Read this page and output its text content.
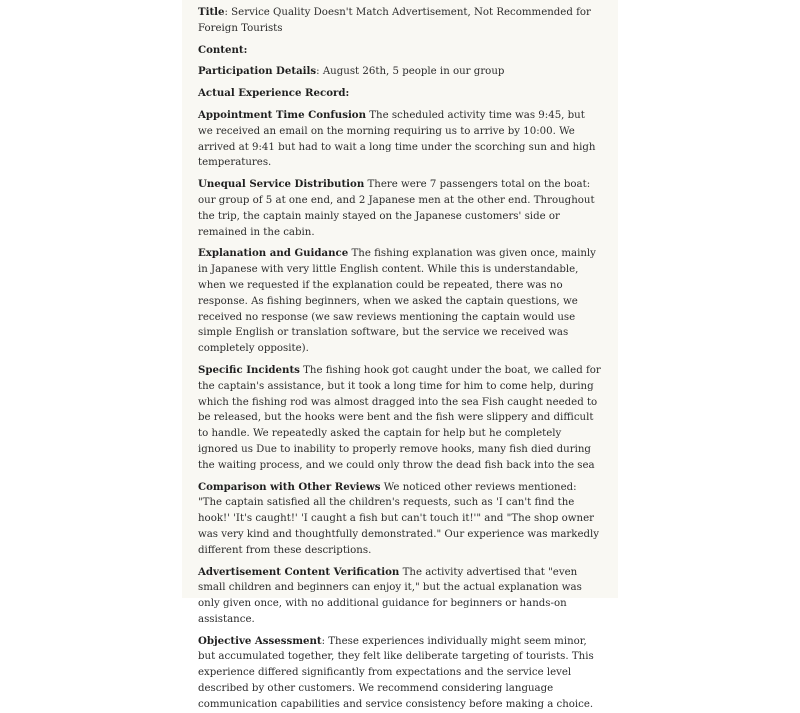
Title: Service Quality Doesn't Match Advertisement, Not Recommended for Foreign Tourists

Content:

Participation Details: August 26th, 5 people in our group

Actual Experience Record:

Appointment Time Confusion The scheduled activity time was 9:45, but we received an email on the morning requiring us to arrive by 10:00. We arrived at 9:41 but had to wait a long time under the scorching sun and high temperatures.

Unequal Service Distribution There were 7 passengers total on the boat: our group of 5 at one end, and 2 Japanese men at the other end. Throughout the trip, the captain mainly stayed on the Japanese customers' side or remained in the cabin.

Explanation and Guidance The fishing explanation was given once, mainly in Japanese with very little English content. While this is understandable, when we requested if the explanation could be repeated, there was no response. As fishing beginners, when we asked the captain questions, we received no response (we saw reviews mentioning the captain would use simple English or translation software, but the service we received was completely opposite).

Specific Incidents The fishing hook got caught under the boat, we called for the captain's assistance, but it took a long time for him to come help, during which the fishing rod was almost dragged into the sea Fish caught needed to be released, but the hooks were bent and the fish were slippery and difficult to handle. We repeatedly asked the captain for help but he completely ignored us Due to inability to properly remove hooks, many fish died during the waiting process, and we could only throw the dead fish back into the sea

Comparison with Other Reviews We noticed other reviews mentioned: "The captain satisfied all the children's requests, such as 'I can't find the hook!' 'It's caught!' 'I caught a fish but can't touch it!'" and "The shop owner was very kind and thoughtfully demonstrated." Our experience was markedly different from these descriptions.

Advertisement Content Verification The activity advertised that "even small children and beginners can enjoy it," but the actual explanation was only given once, with no additional guidance for beginners or hands-on assistance.

Objective Assessment: These experiences individually might seem minor, but accumulated together, they felt like deliberate targeting of tourists. This experience differed significantly from expectations and the service level described by other customers. We recommend considering language communication capabilities and service consistency before making a choice.
